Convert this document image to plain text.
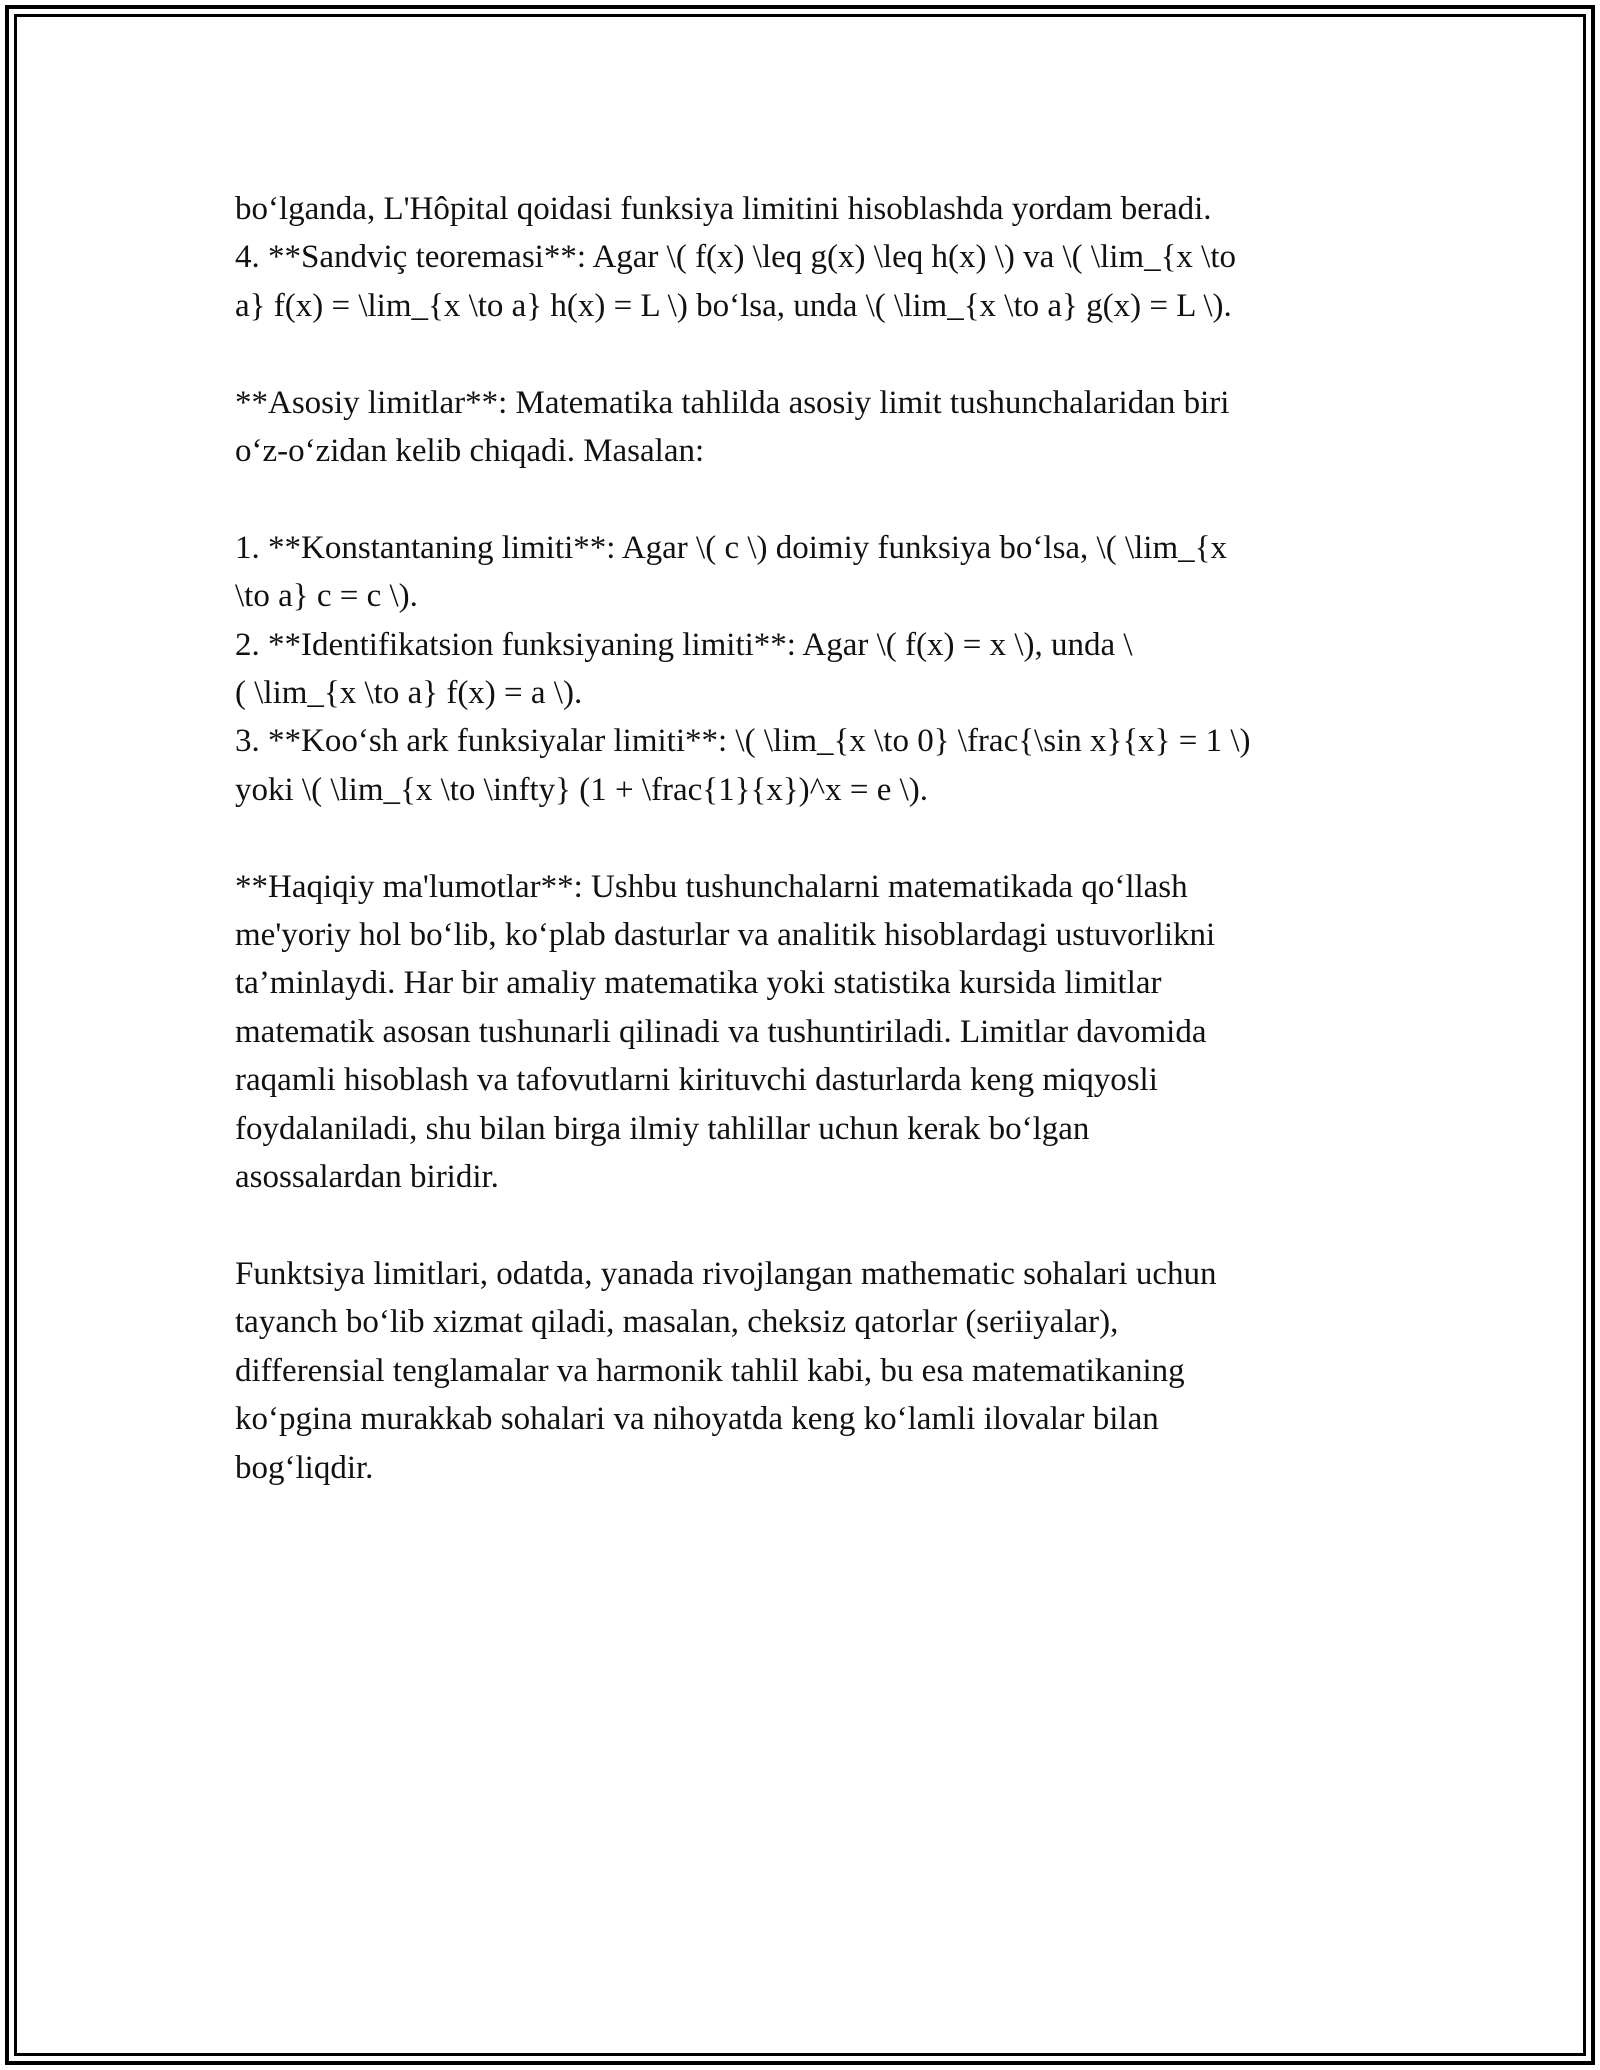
bo‘lganda, L'Hôpital qoidasi funksiya limitini hisoblashda yordam beradi.

4. **Sandviç teoremasi**: Agar \( f(x) \leq g(x) \leq h(x) \) va \( \lim_{x \to

a} f(x) = \lim_{x \to a} h(x) = L \) bo‘lsa, unda \( \lim_{x \to a} g(x) = L \).

**Asosiy limitlar**: Matematika tahlilda asosiy limit tushunchalaridan biri

o‘z-o‘zidan kelib chiqadi. Masalan:

1. **Konstantaning limiti**: Agar \( c \) doimiy funksiya bo‘lsa, \( \lim_{x

\to a} c = c \).

2. **Identifikatsion funksiyaning limiti**: Agar \( f(x) = x \), unda \

( \lim_{x \to a} f(x) = a \).

3. **Koo‘sh ark funksiyalar limiti**: \( \lim_{x \to 0} \frac{\sin x}{x} = 1 \)

yoki \( \lim_{x \to \infty} (1 + \frac{1}{x})^x = e \).

**Haqiqiy ma'lumotlar**: Ushbu tushunchalarni matematikada qo‘llash

me'yoriy hol bo‘lib, ko‘plab dasturlar va analitik hisoblardagi ustuvorlikni

ta’minlaydi. Har bir amaliy matematika yoki statistika kursida limitlar

matematik asosan tushunarli qilinadi va tushuntiriladi. Limitlar davomida

raqamli hisoblash va tafovutlarni kirituvchi dasturlarda keng miqyosli

foydalaniladi, shu bilan birga ilmiy tahlillar uchun kerak bo‘lgan

asossalardan biridir.

Funktsiya limitlari, odatda, yanada rivojlangan mathematic sohalari uchun

tayanch bo‘lib xizmat qiladi, masalan, cheksiz qatorlar (seriiyalar),

differensial tenglamalar va harmonik tahlil kabi, bu esa matematikaning

ko‘pgina murakkab sohalari va nihoyatda keng ko‘lamli ilovalar bilan

bog‘liqdir.
